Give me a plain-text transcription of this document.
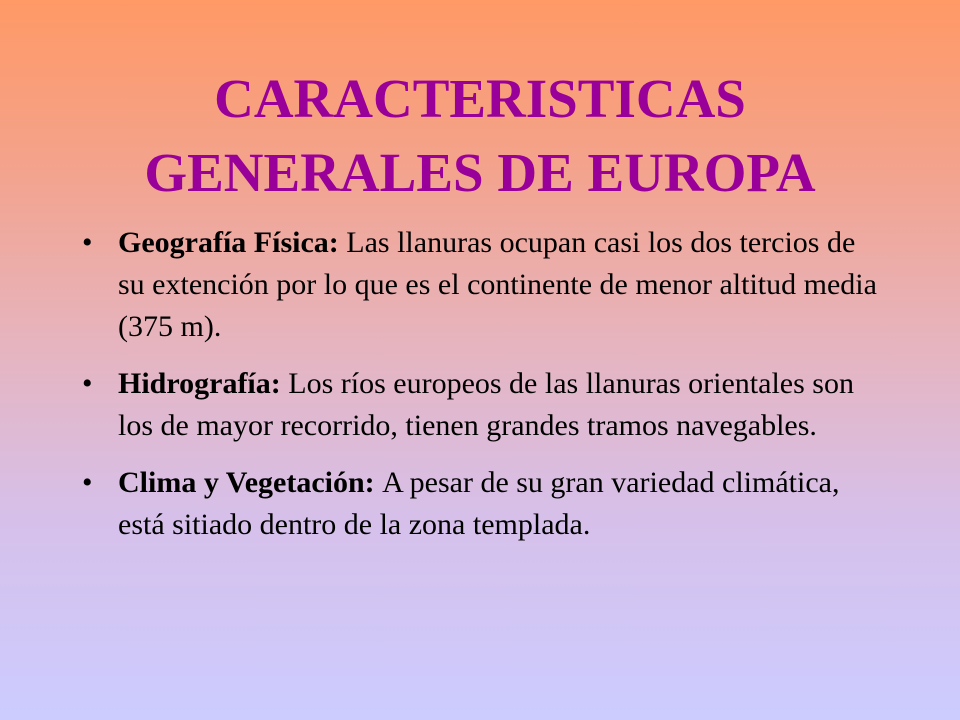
CARACTERISTICAS
GENERALES DE EUROPA
• Geografía Física: Las llanuras ocupan casi los dos tercios de su extención por lo que es el continente de menor altitud media (375 m).
• Hidrografía: Los ríos europeos de las llanuras orientales son los de mayor recorrido, tienen grandes tramos navegables.
• Clima y Vegetación: A pesar de su gran variedad climática, está sitiado dentro de la zona templada.
